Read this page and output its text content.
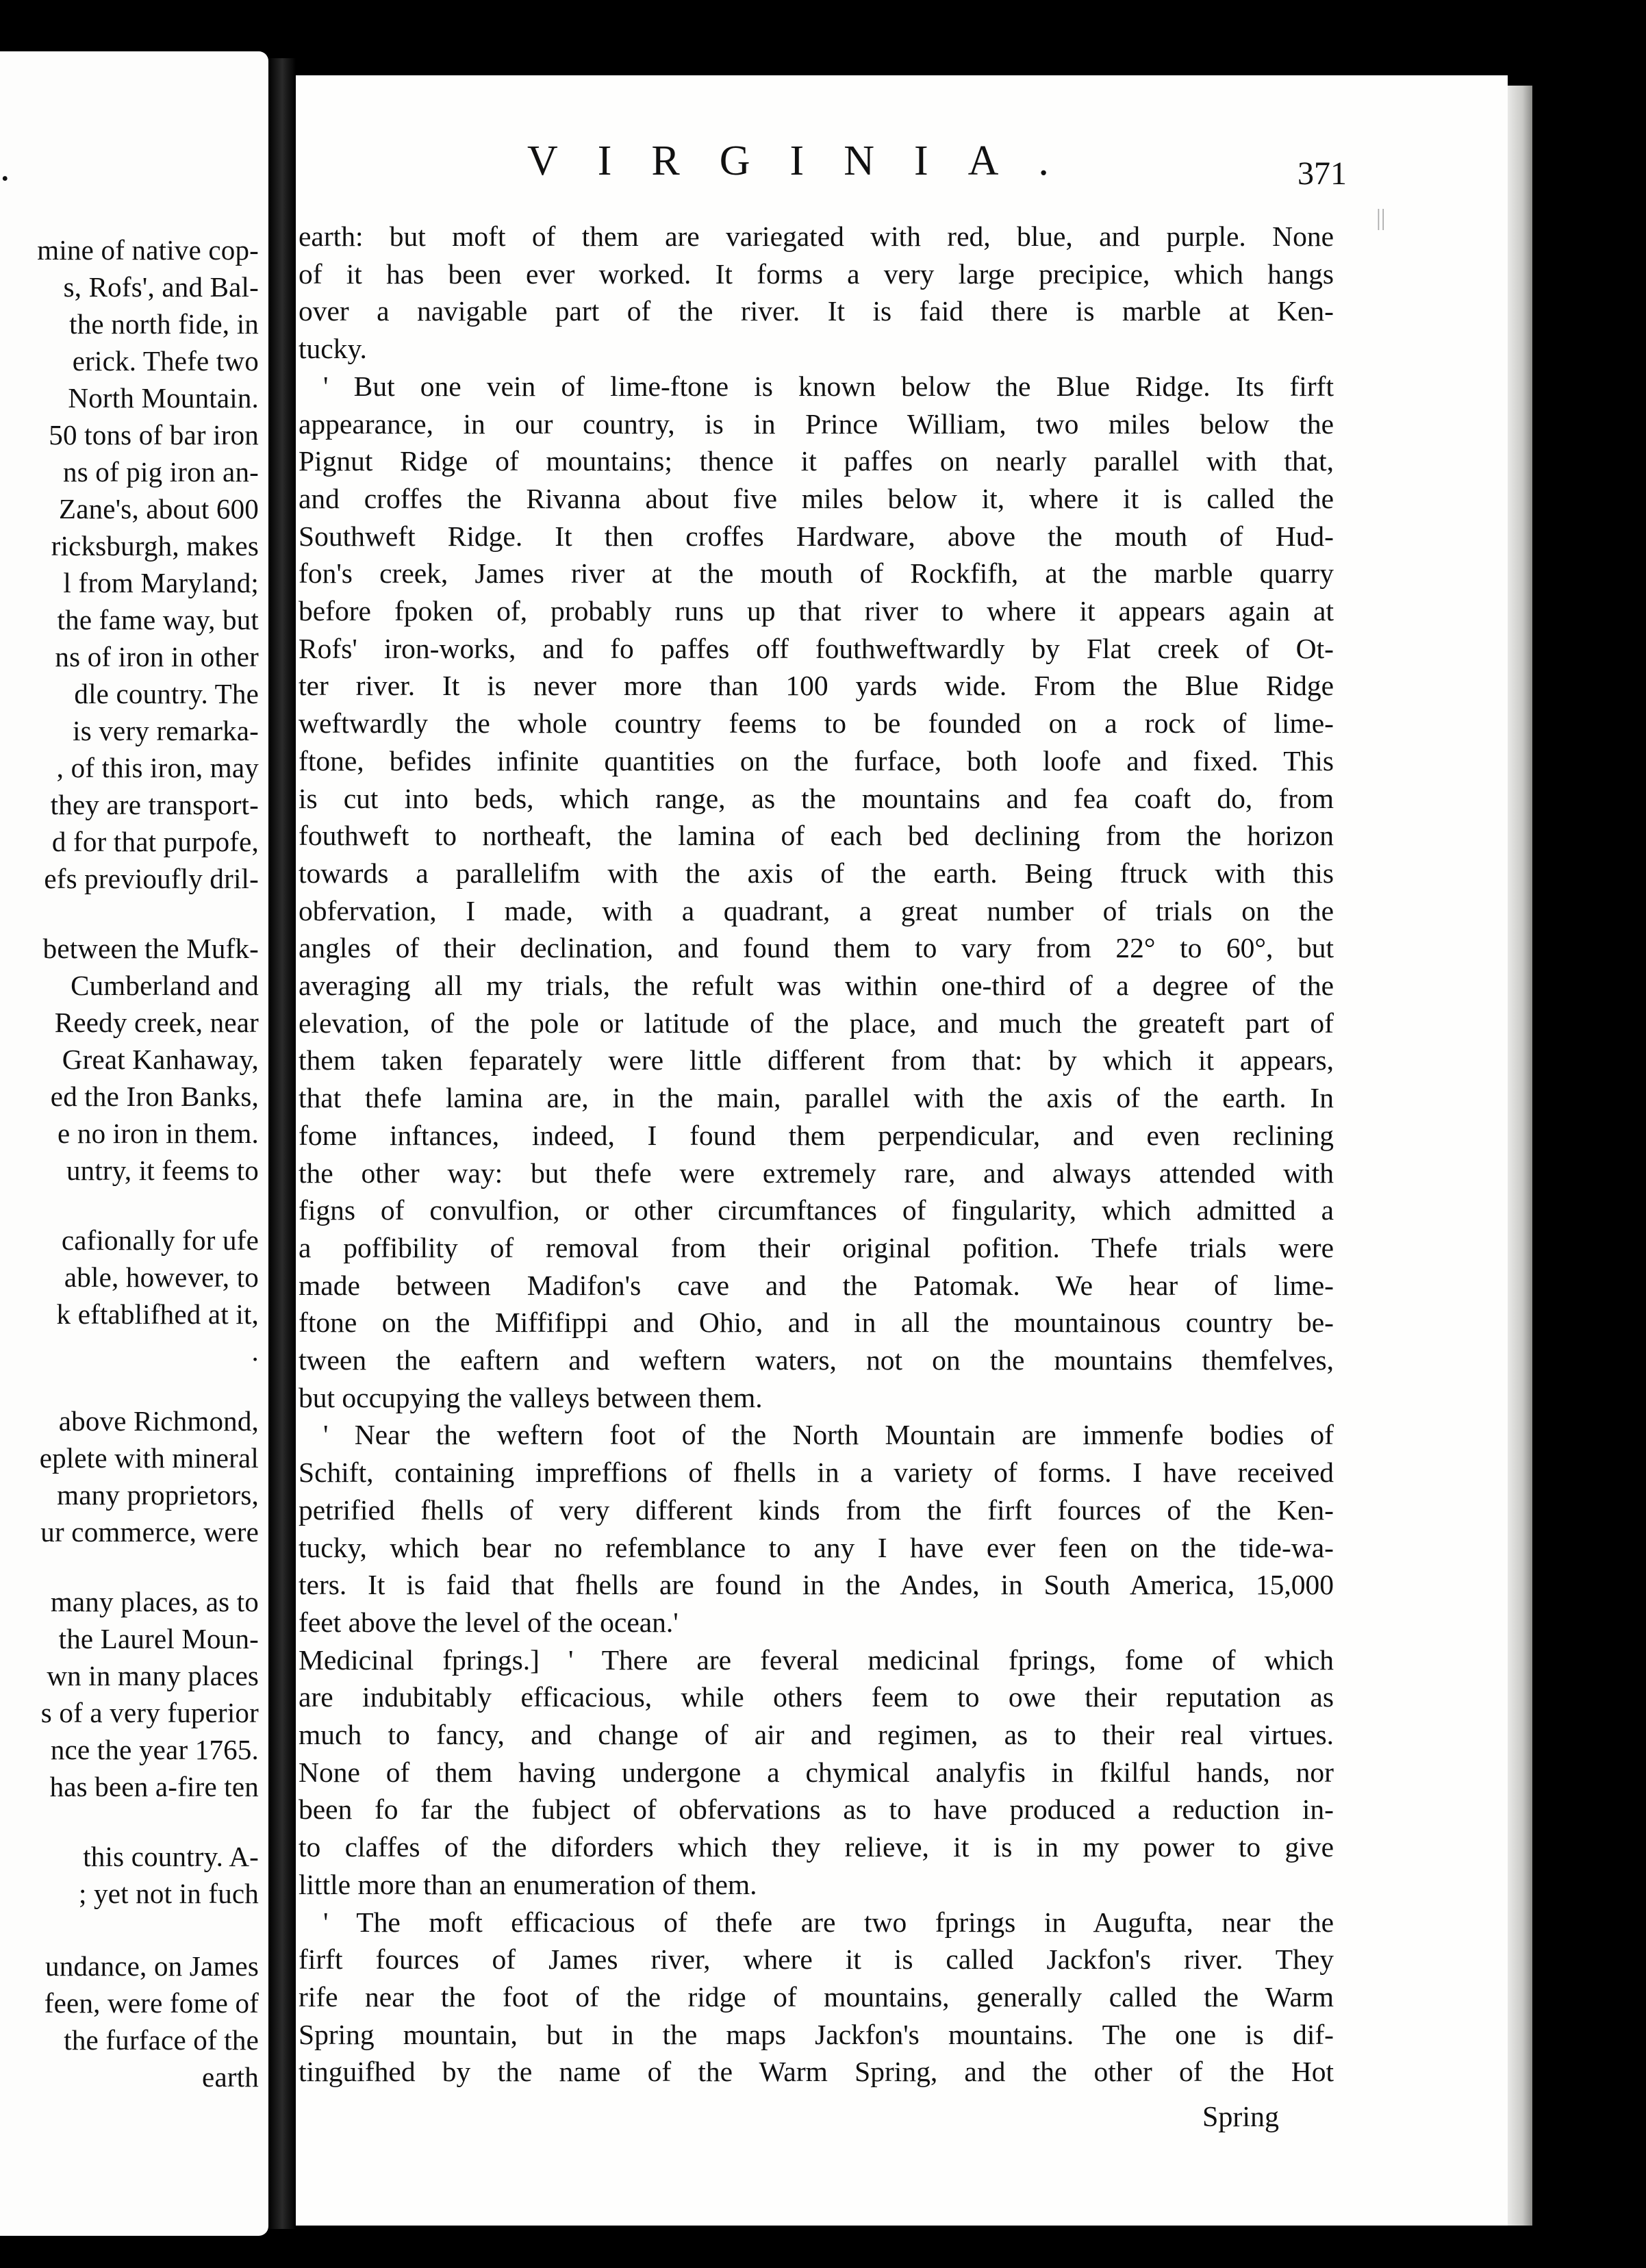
.
mine of native cop-
s, Rofs', and Bal-
the north fide, in
erick. Thefe two
North Mountain.
50 tons of bar iron
ns of pig iron an-
Zane's, about 600
ricksburgh, makes
l from Maryland;
the fame way, but
ns of iron in other
dle country. The
is very remarka-
, of this iron, may
they are transport-
d for that purpofe,
efs previoufly dril-
between the Mufk-
Cumberland and
Reedy creek, near
Great Kanhaway,
ed the Iron Banks,
e no iron in them.
untry, it feems to
cafionally for ufe
able, however, to
k eftablifhed at it,
.
above Richmond,
eplete with mineral
many proprietors,
ur commerce, were
many places, as to
the Laurel Moun-
wn in many places
s of a very fuperior
nce the year 1765.
has been a-fire ten
this country. A-
; yet not in fuch
undance, on James
feen, were fome of
the furface of the
earth
VIRGINIA.	371
||
earth: but moft of them are variegated with red, blue, and purple. None
of it has been ever worked. It forms a very large precipice, which hangs
over a navigable part of the river. It is faid there is marble at Ken-
tucky.
' But one vein of lime-ftone is known below the Blue Ridge. Its firft
appearance, in our country, is in Prince William, two miles below the
Pignut Ridge of mountains; thence it paffes on nearly parallel with that,
and croffes the Rivanna about five miles below it, where it is called the
Southweft Ridge. It then croffes Hardware, above the mouth of Hud-
fon's creek, James river at the mouth of Rockfifh, at the marble quarry
before fpoken of, probably runs up that river to where it appears again at
Rofs' iron-works, and fo paffes off fouthweftwardly by Flat creek of Ot-
ter river. It is never more than 100 yards wide. From the Blue Ridge
weftwardly the whole country feems to be founded on a rock of lime-
ftone, befides infinite quantities on the furface, both loofe and fixed. This
is cut into beds, which range, as the mountains and fea coaft do, from
fouthweft to northeaft, the lamina of each bed declining from the horizon
towards a parallelifm with the axis of the earth. Being ftruck with this
obfervation, I made, with a quadrant, a great number of trials on the
angles of their declination, and found them to vary from 22° to 60°, but
averaging all my trials, the refult was within one-third of a degree of the
elevation, of the pole or latitude of the place, and much the greateft part of
them taken feparately were little different from that: by which it appears,
that thefe lamina are, in the main, parallel with the axis of the earth. In
fome inftances, indeed, I found them perpendicular, and even reclining
the other way: but thefe were extremely rare, and always attended with
figns of convulfion, or other circumftances of fingularity, which admitted a
a poffibility of removal from their original pofition. Thefe trials were
made between Madifon's cave and the Patomak. We hear of lime-
ftone on the Miffifippi and Ohio, and in all the mountainous country be-
tween the eaftern and weftern waters, not on the mountains themfelves,
but occupying the valleys between them.
' Near the weftern foot of the North Mountain are immenfe bodies of
Schift, containing impreffions of fhells in a variety of forms. I have received
petrified fhells of very different kinds from the firft fources of the Ken-
tucky, which bear no refemblance to any I have ever feen on the tide-wa-
ters. It is faid that fhells are found in the Andes, in South America, 15,000
feet above the level of the ocean.'
Medicinal fprings.] ' There are feveral medicinal fprings, fome of which
are indubitably efficacious, while others feem to owe their reputation as
much to fancy, and change of air and regimen, as to their real virtues.
None of them having undergone a chymical analyfis in fkilful hands, nor
been fo far the fubject of obfervations as to have produced a reduction in-
to claffes of the diforders which they relieve, it is in my power to give
little more than an enumeration of them.
' The moft efficacious of thefe are two fprings in Augufta, near the
firft fources of James river, where it is called Jackfon's river. They
rife near the foot of the ridge of mountains, generally called the Warm
Spring mountain, but in the maps Jackfon's mountains. The one is dif-
tinguifhed by the name of the Warm Spring, and the other of the Hot
Spring
